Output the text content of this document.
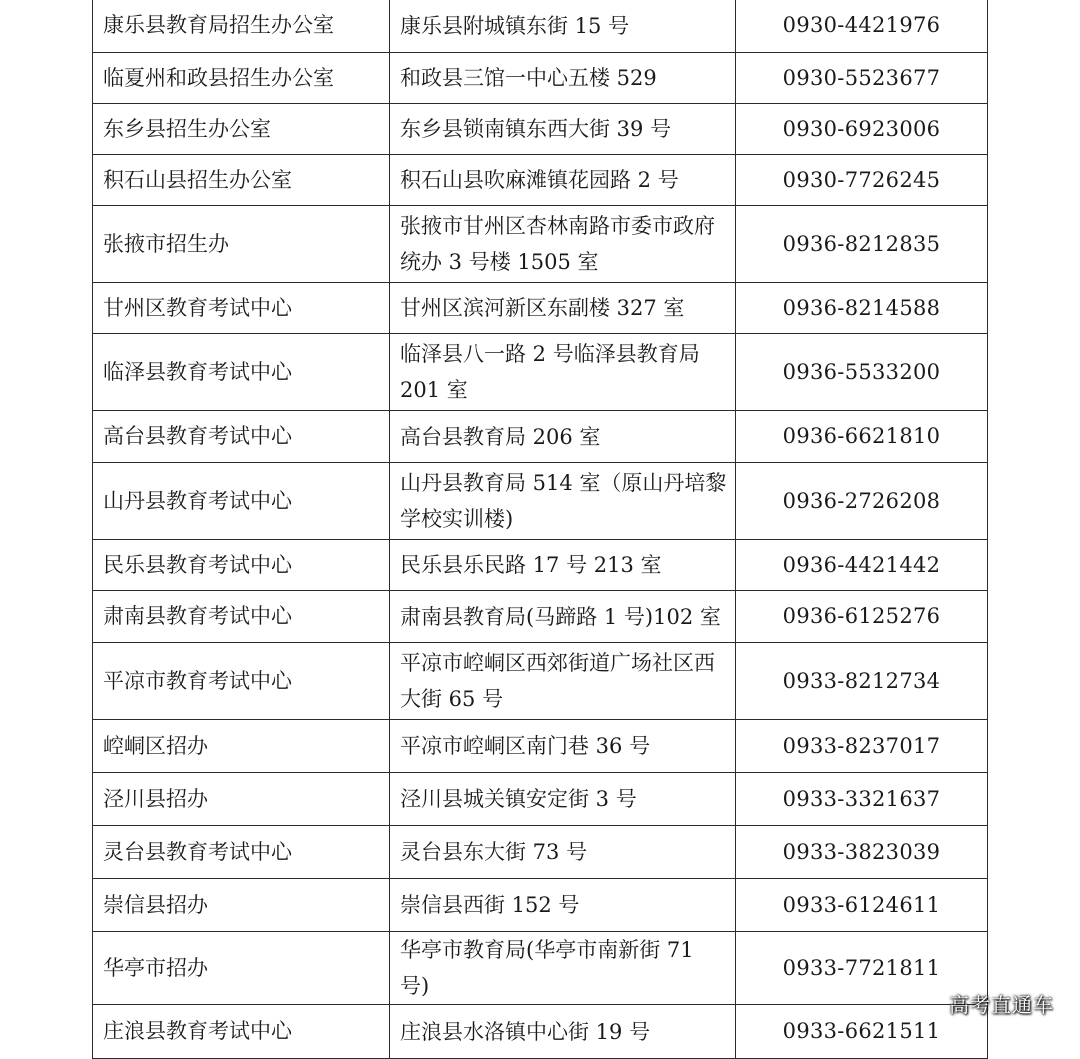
康乐县教育局招生办公室	康乐县附城镇东街 15 号	0930-4421976
临夏州和政县招生办公室	和政县三馆一中心五楼 529	0930-5523677
东乡县招生办公室	东乡县锁南镇东西大街 39 号	0930-6923006
积石山县招生办公室	积石山县吹麻滩镇花园路 2 号	0930-7726245
张掖市招生办	张掖市甘州区杏林南路市委市政府统办 3 号楼 1505 室	0936-8212835
甘州区教育考试中心	甘州区滨河新区东副楼 327 室	0936-8214588
临泽县教育考试中心	临泽县八一路 2 号临泽县教育局 201 室	0936-5533200
高台县教育考试中心	高台县教育局 206 室	0936-6621810
山丹县教育考试中心	山丹县教育局 514 室（原山丹培黎学校实训楼)	0936-2726208
民乐县教育考试中心	民乐县乐民路 17 号 213 室	0936-4421442
肃南县教育考试中心	肃南县教育局(马蹄路 1 号)102 室	0936-6125276
平凉市教育考试中心	平凉市崆峒区西郊街道广场社区西大街 65 号	0933-8212734
崆峒区招办	平凉市崆峒区南门巷 36 号	0933-8237017
泾川县招办	泾川县城关镇安定街 3 号	0933-3321637
灵台县教育考试中心	灵台县东大街 73 号	0933-3823039
崇信县招办	崇信县西街 152 号	0933-6124611
华亭市招办	华亭市教育局(华亭市南新街 71 号)	0933-7721811
庄浪县教育考试中心	庄浪县水洛镇中心街 19 号	0933-6621511
高考直通车
